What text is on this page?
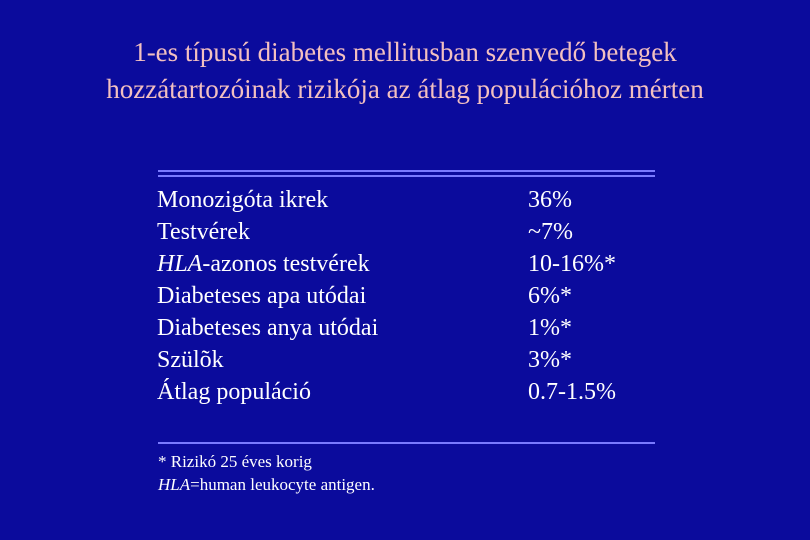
1-es típusú diabetes mellitusban szenvedő betegek
hozzátartozóinak rizikója az átlag populációhoz mérten
Monozigóta ikrek	36%
Testvérek	~7%
HLA-azonos testvérek	10-16%*
Diabeteses apa utódai	6%*
Diabeteses anya utódai	1%*
Szülõk	3%*
Átlag populáció	0.7-1.5%
* Rizikó 25 éves korig
HLA=human leukocyte antigen.
